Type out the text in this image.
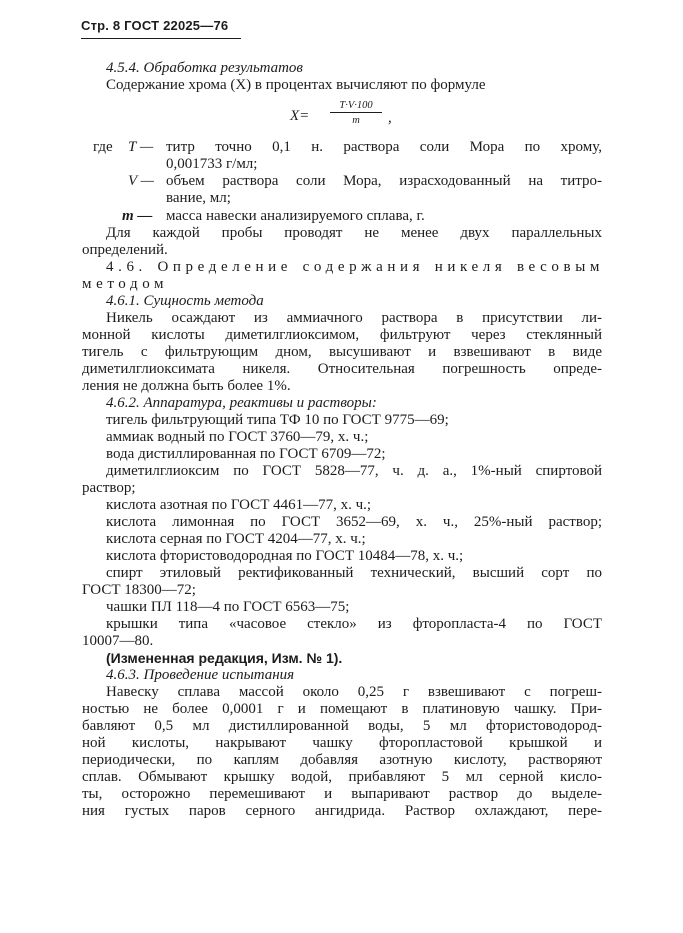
Стр. 8 ГОСТ 22025—76
4.5.4. Обработка результатов
Содержание хрома (X) в процентах вычисляют по формуле
$X= \frac{T\cdot V\cdot 100}{m}$ ,
где T — титр точно 0,1 н. раствора соли Мора по хрому,
0,001733 г/мл;
V — объем раствора соли Мора, израсходованный на титро-
вание, мл;
m — масса навески анализируемого сплава, г.
Для каждой пробы проводят не менее двух параллельных
определений.
4.6. Определение содержания никеля весовым
методом
4.6.1. Сущность метода
Никель осаждают из аммиачного раствора в присутствии ли-
монной кислоты диметилглиоксимом, фильтруют через стеклянный
тигель с фильтрующим дном, высушивают и взвешивают в виде
диметилглиоксимата никеля. Относительная погрешность опреде-
ления не должна быть более 1%.
4.6.2. Аппаратура, реактивы и растворы:
тигель фильтрующий типа ТФ 10 по ГОСТ 9775—69;
аммиак водный по ГОСТ 3760—79, х. ч.;
вода дистиллированная по ГОСТ 6709—72;
диметилглиоксим по ГОСТ 5828—77, ч. д. а., 1%-ный спиртовой
раствор;
кислота азотная по ГОСТ 4461—77, х. ч.;
кислота лимонная по ГОСТ 3652—69, х. ч., 25%-ный раствор;
кислота серная по ГОСТ 4204—77, х. ч.;
кислота фтористоводородная по ГОСТ 10484—78, х. ч.;
спирт этиловый ректификованный технический, высший сорт по
ГОСТ 18300—72;
чашки ПЛ 118—4 по ГОСТ 6563—75;
крышки типа «часовое стекло» из фторопласта-4 по ГОСТ
10007—80.
(Измененная редакция, Изм. № 1).
4.6.3. Проведение испытания
Навеску сплава массой около 0,25 г взвешивают с погреш-
ностью не более 0,0001 г и помещают в платиновую чашку. При-
бавляют 0,5 мл дистиллированной воды, 5 мл фтористоводород-
ной кислоты, накрывают чашку фторопластовой крышкой и
периодически, по каплям добавляя азотную кислоту, растворяют
сплав. Обмывают крышку водой, прибавляют 5 мл серной кисло-
ты, осторожно перемешивают и выпаривают раствор до выделе-
ния густых паров серного ангидрида. Раствор охлаждают, пере-
